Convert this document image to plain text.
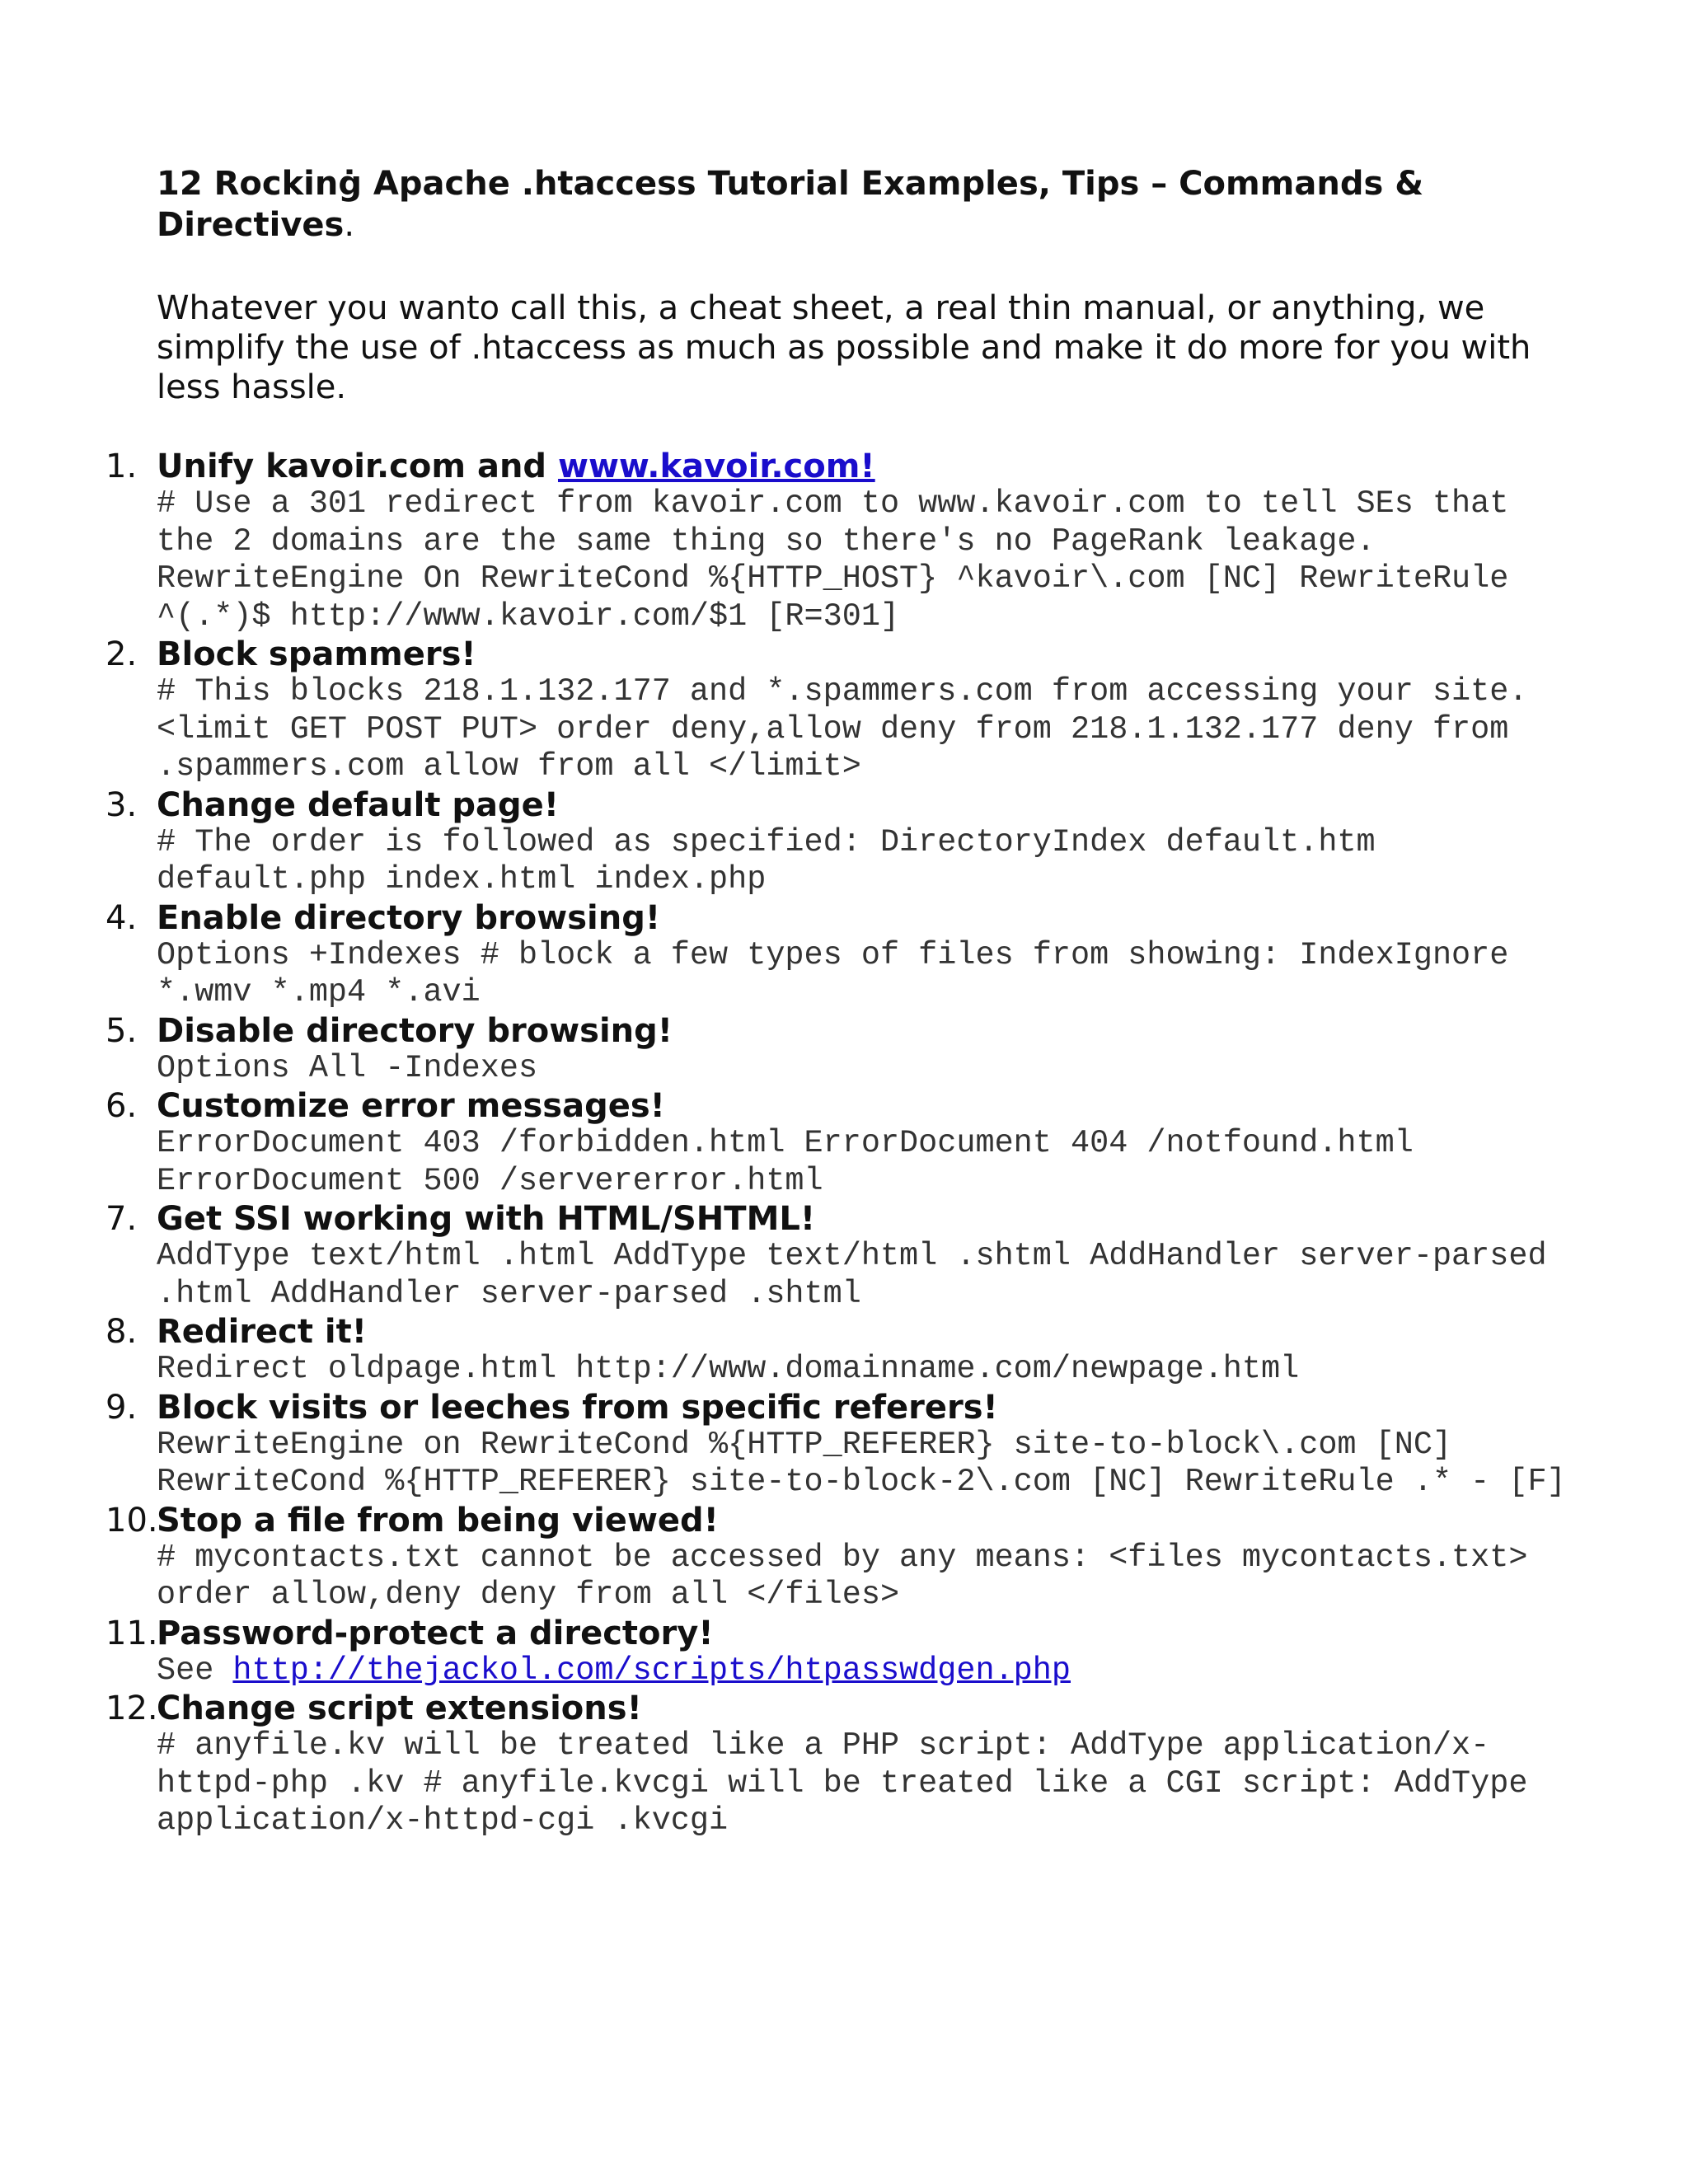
12 Rockinġ Apache .htaccess Tutorial Examples, Tips – Commands & Directives.

Whatever you wanto call this, a cheat sheet, a real thin manual, or anything, we simplify the use of .htaccess as much as possible and make it do more for you with less hassle.

1. Unify kavoir.com and www.kavoir.com!

# Use a 301 redirect from kavoir.com to www.kavoir.com to tell SEs that the 2 domains are the same thing so there's no PageRank leakage. RewriteEngine On RewriteCond %{HTTP_HOST} ^kavoir\.com [NC] RewriteRule ^(.*)$ http://www.kavoir.com/$1 [R=301]

2. Block spammers!

# This blocks 218.1.132.177 and *.spammers.com from accessing your site. <limit GET POST PUT> order deny,allow deny from 218.1.132.177 deny from .spammers.com allow from all </limit>

3. Change default page!

# The order is followed as specified: DirectoryIndex default.htm default.php index.html index.php

4. Enable directory browsing!

Options +Indexes # block a few types of files from showing: IndexIgnore *.wmv *.mp4 *.avi

5. Disable directory browsing!

Options All -Indexes

6. Customize error messages!

ErrorDocument 403 /forbidden.html ErrorDocument 404 /notfound.html ErrorDocument 500 /servererror.html

7. Get SSI working with HTML/SHTML!

AddType text/html .html AddType text/html .shtml AddHandler server-parsed .html AddHandler server-parsed .shtml

8. Redirect it!

Redirect oldpage.html http://www.domainname.com/newpage.html

9. Block visits or leeches from specific referers!

RewriteEngine on RewriteCond %{HTTP_REFERER} site-to-block\.com [NC] RewriteCond %{HTTP_REFERER} site-to-block-2\.com [NC] RewriteRule .* - [F]

10.

Stop a file from being viewed!

# mycontacts.txt cannot be accessed by any means: <files mycontacts.txt> order allow,deny deny from all </files>

11.

Password-protect a directory!

See http://thejackol.com/scripts/htpasswdgen.php

12.

Change script extensions!

# anyfile.kv will be treated like a PHP script: AddType application/x-httpd-php .kv # anyfile.kvcgi will be treated like a CGI script: AddType application/x-httpd-cgi .kvcgi
